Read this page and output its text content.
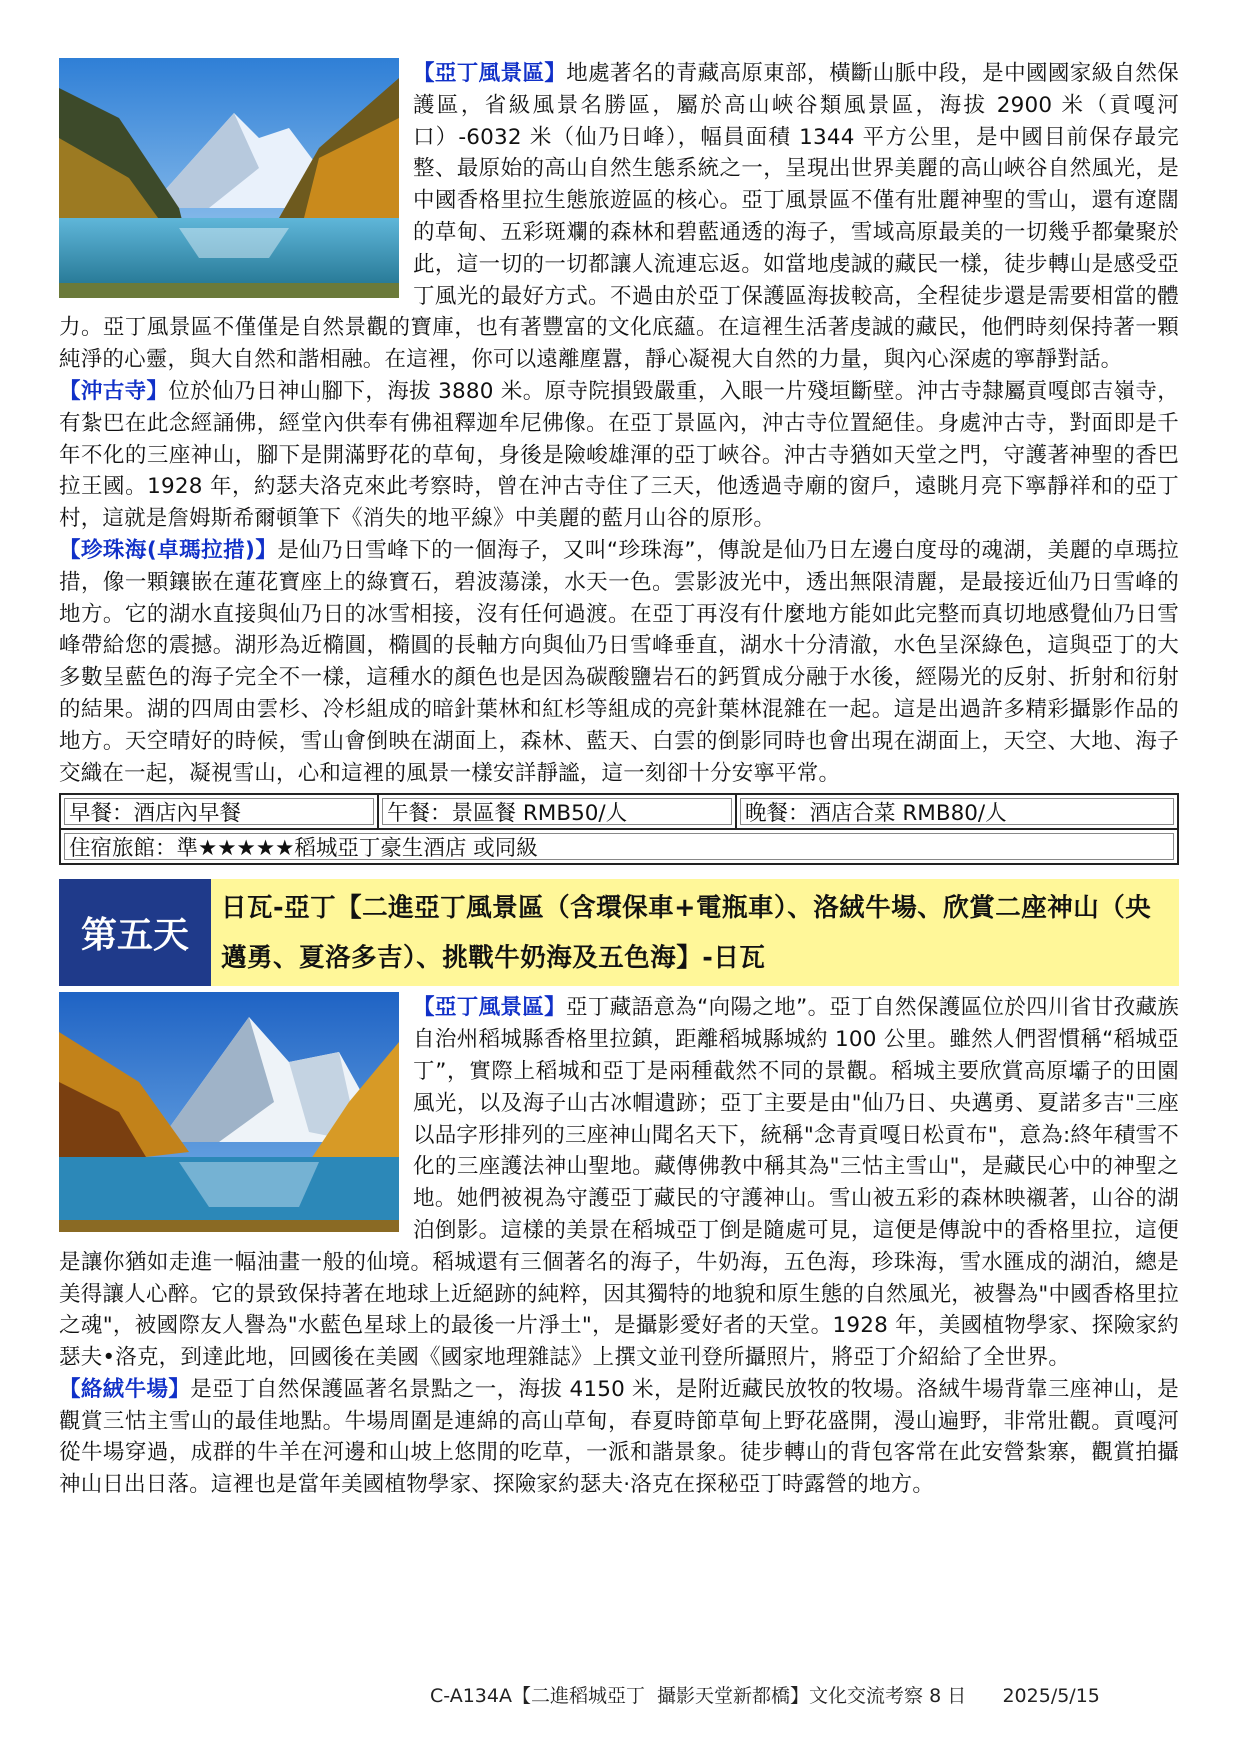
【亞丁風景區】地處著名的青藏高原東部，橫斷山脈中段，是中國國家級自然保護區，省級風景名勝區，屬於高山峽谷類風景區，海拔 2900 米（貢嘎河口）-6032 米（仙乃日峰），幅員面積 1344 平方公里，是中國目前保存最完整、最原始的高山自然生態系統之一，呈現出世界美麗的高山峽谷自然風光，是中國香格里拉生態旅遊區的核心。亞丁風景區不僅有壯麗神聖的雪山，還有遼闊的草甸、五彩斑斕的森林和碧藍通透的海子，雪域高原最美的一切幾乎都彙聚於此，這一切的一切都讓人流連忘返。如當地虔誠的藏民一樣，徒步轉山是感受亞丁風光的最好方式。不過由於亞丁保護區海拔較高，全程徒步還是需要相當的體力。亞丁風景區不僅僅是自然景觀的寶庫，也有著豐富的文化底蘊。在這裡生活著虔誠的藏民，他們時刻保持著一顆純淨的心靈，與大自然和諧相融。在這裡，你可以遠離塵囂，靜心凝視大自然的力量，與內心深處的寧靜對話。

【沖古寺】位於仙乃日神山腳下，海拔 3880 米。原寺院損毀嚴重，入眼一片殘垣斷壁。沖古寺隸屬貢嘎郎吉嶺寺，有紮巴在此念經誦佛，經堂內供奉有佛祖釋迦牟尼佛像。在亞丁景區內，沖古寺位置絕佳。身處沖古寺，對面即是千年不化的三座神山，腳下是開滿野花的草甸，身後是險峻雄渾的亞丁峽谷。沖古寺猶如天堂之門，守護著神聖的香巴拉王國。1928 年，約瑟夫洛克來此考察時，曾在沖古寺住了三天，他透過寺廟的窗戶，遠眺月亮下寧靜祥和的亞丁村，這就是詹姆斯希爾頓筆下《消失的地平線》中美麗的藍月山谷的原形。

【珍珠海(卓瑪拉措)】是仙乃日雪峰下的一個海子，又叫“珍珠海”，傳說是仙乃日左邊白度母的魂湖，美麗的卓瑪拉措，像一顆鑲嵌在蓮花寶座上的綠寶石，碧波蕩漾，水天一色。雲影波光中，透出無限清麗，是最接近仙乃日雪峰的地方。它的湖水直接與仙乃日的冰雪相接，沒有任何過渡。在亞丁再沒有什麼地方能如此完整而真切地感覺仙乃日雪峰帶給您的震撼。湖形為近橢圓，橢圓的長軸方向與仙乃日雪峰垂直，湖水十分清澈，水色呈深綠色，這與亞丁的大多數呈藍色的海子完全不一樣，這種水的顏色也是因為碳酸鹽岩石的鈣質成分融于水後，經陽光的反射、折射和衍射的結果。湖的四周由雲杉、冷杉組成的暗針葉林和紅杉等組成的亮針葉林混雜在一起。這是出過許多精彩攝影作品的地方。天空晴好的時候，雪山會倒映在湖面上，森林、藍天、白雲的倒影同時也會出現在湖面上，天空、大地、海子交織在一起，凝視雪山，心和這裡的風景一樣安詳靜謐，這一刻卻十分安寧平常。

早餐：酒店內早餐	午餐：景區餐 RMB50/人	晚餐：酒店合菜 RMB80/人
住宿旅館：準★★★★★稻城亞丁豪生酒店 或同級
第五天
日瓦-亞丁【二進亞丁風景區（含環保車+電瓶車）、洛絨牛場、欣賞二座神山（央邁勇、夏洛多吉）、挑戰牛奶海及五色海】-日瓦

【亞丁風景區】亞丁藏語意為“向陽之地”。亞丁自然保護區位於四川省甘孜藏族自治州稻城縣香格里拉鎮，距離稻城縣城約 100 公里。雖然人們習慣稱“稻城亞丁”，實際上稻城和亞丁是兩種截然不同的景觀。稻城主要欣賞高原壩子的田園風光，以及海子山古冰帽遺跡；亞丁主要是由"仙乃日、央邁勇、夏諾多吉"三座以品字形排列的三座神山聞名天下，統稱"念青貢嘎日松貢布"，意為:終年積雪不化的三座護法神山聖地。藏傳佛教中稱其為"三怙主雪山"，是藏民心中的神聖之地。她們被視為守護亞丁藏民的守護神山。雪山被五彩的森林映襯著，山谷的湖泊倒影。這樣的美景在稻城亞丁倒是隨處可見，這便是傳說中的香格里拉，這便是讓你猶如走進一幅油畫一般的仙境。稻城還有三個著名的海子，牛奶海，五色海，珍珠海，雪水匯成的湖泊，總是美得讓人心醉。它的景致保持著在地球上近絕跡的純粹，因其獨特的地貌和原生態的自然風光，被譽為"中國香格里拉之魂"，被國際友人譽為"水藍色星球上的最後一片淨土"，是攝影愛好者的天堂。1928 年，美國植物學家、探險家約瑟夫•洛克，到達此地，回國後在美國《國家地理雜誌》上撰文並刊登所攝照片，將亞丁介紹給了全世界。

【絡絨牛場】是亞丁自然保護區著名景點之一，海拔 4150 米，是附近藏民放牧的牧場。洛絨牛場背靠三座神山，是觀賞三怙主雪山的最佳地點。牛場周圍是連綿的高山草甸，春夏時節草甸上野花盛開，漫山遍野，非常壯觀。貢嘎河從牛場穿過，成群的牛羊在河邊和山坡上悠閒的吃草，一派和諧景象。徒步轉山的背包客常在此安營紮寨，觀賞拍攝神山日出日落。這裡也是當年美國植物學家、探險家約瑟夫·洛克在探秘亞丁時露營的地方。

C-A134A【二進稻城亞丁  攝影天堂新都橋】文化交流考察 8 日 2025/5/15
